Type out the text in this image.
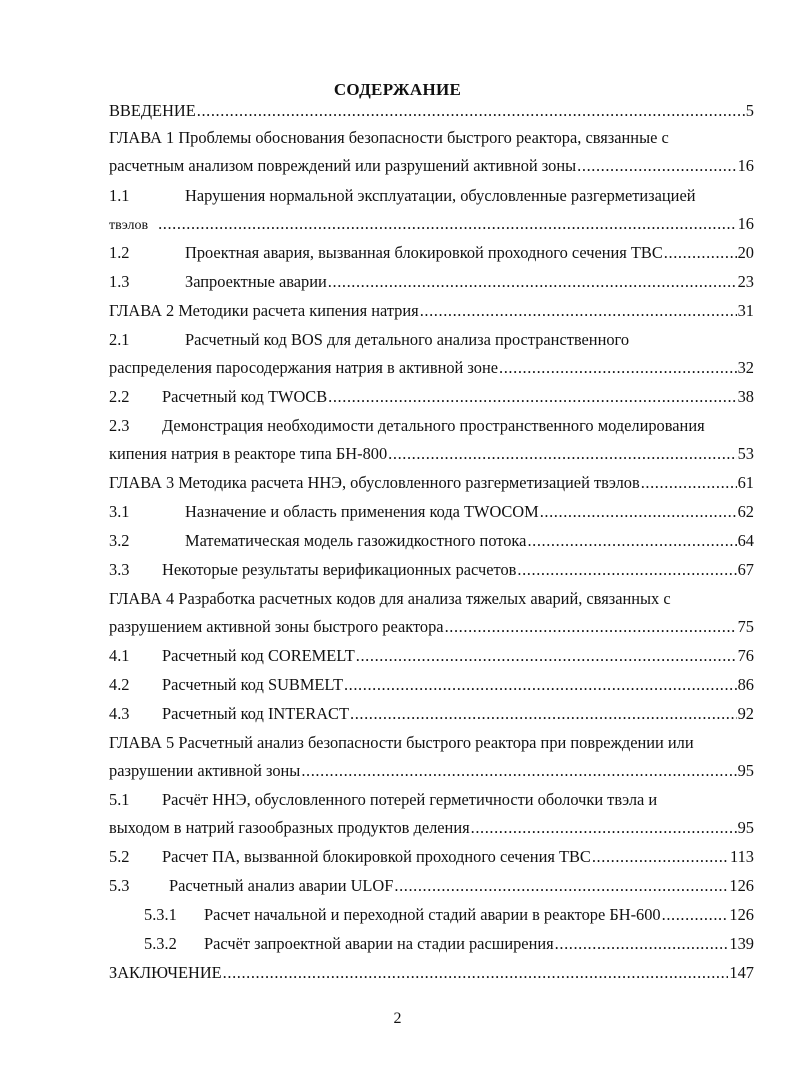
СОДЕРЖАНИЕ
ВВЕДЕНИЕ .....	5
ГЛАВА 1 Проблемы обоснования безопасности быстрого реактора, связанные с
расчетным анализом повреждений или разрушений активной зоны .....	16
1.1	Нарушения нормальной эксплуатации, обусловленные разгерметизацией
твэлов .....	16
1.2	Проектная авария, вызванная блокировкой проходного сечения ТВС .....	20
1.3	Запроектные аварии .....	23
ГЛАВА 2 Методики расчета кипения натрия .....	31
2.1	Расчетный код BOS для детального анализа пространственного
распределения паросодержания натрия в активной зоне .....	32
2.2	Расчетный код TWOCB .....	38
2.3	Демонстрация необходимости детального пространственного моделирования
кипения натрия в реакторе типа БН-800 .....	53
ГЛАВА 3 Методика расчета ННЭ, обусловленного разгерметизацией твэлов .....	61
3.1	Назначение и область применения кода TWOCOM .....	62
3.2	Математическая модель газожидкостного потока .....	64
3.3	Некоторые результаты верификационных расчетов .....	67
ГЛАВА 4 Разработка расчетных кодов для анализа тяжелых аварий, связанных с
разрушением активной зоны быстрого реактора .....	75
4.1	Расчетный код COREMELT .....	76
4.2	Расчетный код SUBMELT .....	86
4.3	Расчетный код INTERACT .....	92
ГЛАВА 5 Расчетный анализ безопасности быстрого реактора при повреждении или
разрушении активной зоны .....	95
5.1	Расчёт ННЭ, обусловленного потерей герметичности оболочки твэла и
выходом в натрий газообразных продуктов деления .....	95
5.2	Расчет ПА, вызванной блокировкой проходного сечения ТВС .....	113
5.3	Расчетный анализ аварии ULOF .....	126
5.3.1	Расчет начальной и переходной стадий аварии в реакторе БН-600 .....	126
5.3.2	Расчёт запроектной аварии на стадии расширения .....	139
ЗАКЛЮЧЕНИЕ .....	147
2
